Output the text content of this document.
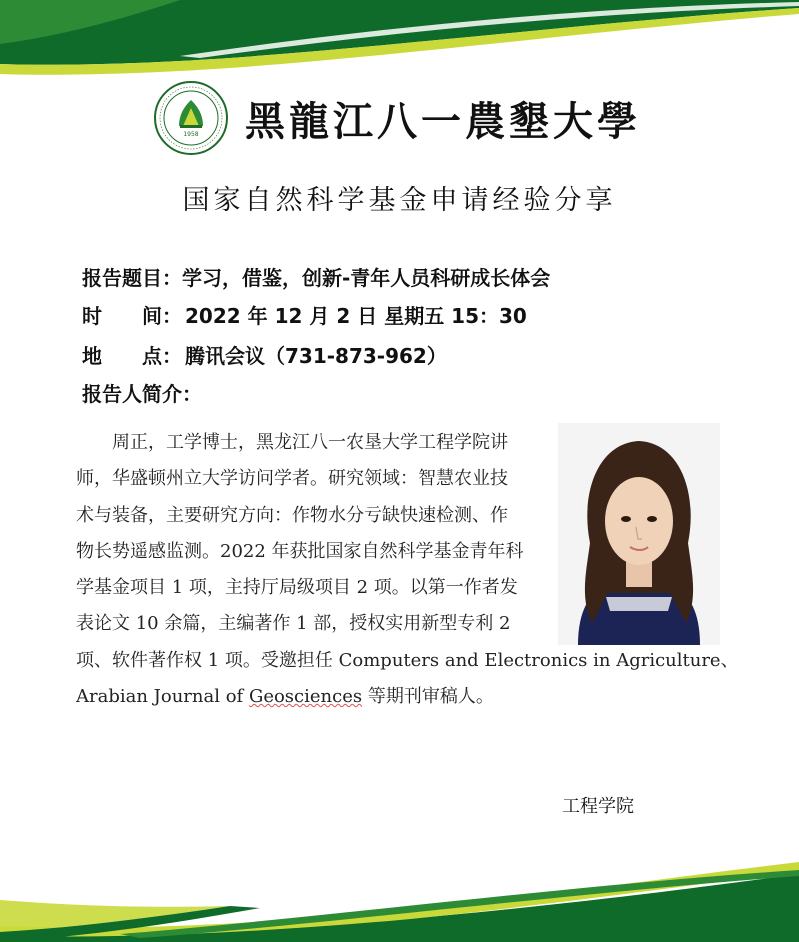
1958 黑龍江八一農墾大學
国家自然科学基金申请经验分享
报告题目：学习，借鉴，创新-青年人员科研成长体会
时 间： 2022 年 12 月 2 日 星期五 15：30
地 点： 腾讯会议（731-873-962）
报告人简介：
　　周正，工学博士，黑龙江八一农垦大学工程学院讲
师，华盛顿州立大学访问学者。研究领域：智慧农业技
术与装备，主要研究方向：作物水分亏缺快速检测、作
物长势遥感监测。2022 年获批国家自然科学基金青年科
学基金项目 1 项，主持厅局级项目 2 项。以第一作者发
表论文 10 余篇，主编著作 1 部，授权实用新型专利 2
项、软件著作权 1 项。受邀担任 Computers and Electronics in Agriculture、
Arabian Journal of Geosciences 等期刊审稿人。
工程学院
